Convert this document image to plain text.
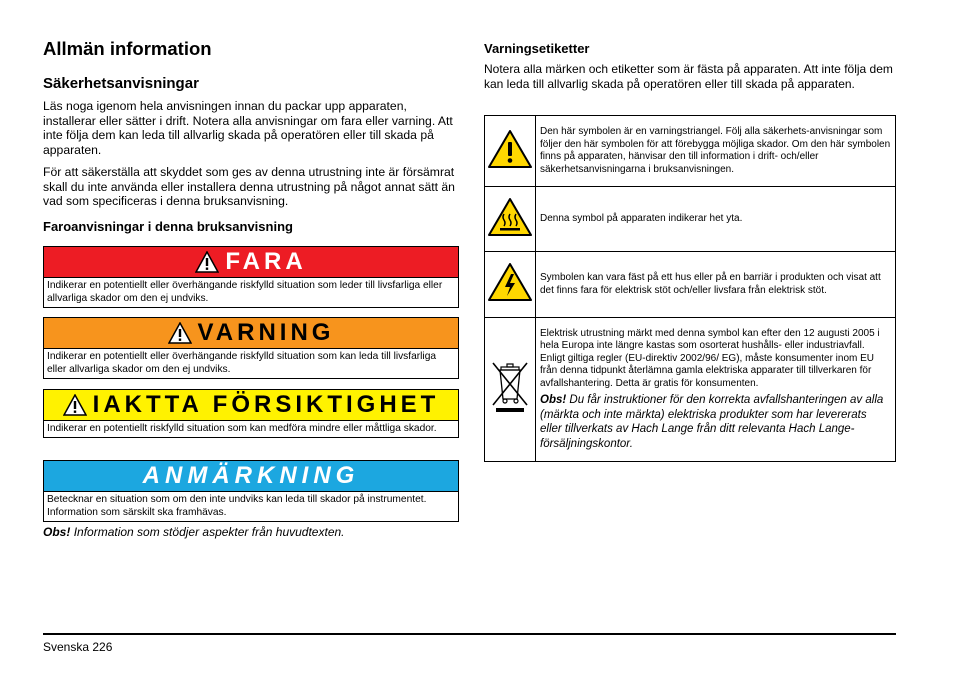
Allmän information
Säkerhetsanvisningar

Läs noga igenom hela anvisningen innan du packar upp apparaten, installerar eller sätter i drift. Notera alla anvisningar om fara eller varning. Att inte följa dem kan leda till allvarlig skada på operatören eller till skada på apparaten.

För att säkerställa att skyddet som ges av denna utrustning inte är försämrat skall du inte använda eller installera denna utrustning på något annat sätt än vad som specificeras i denna bruksanvisning.

Faroanvisningar i denna bruksanvisning
FARA
Indikerar en potentiellt eller överhängande riskfylld situation som leder till livsfarliga eller allvarliga skador om den ej undviks.
VARNING
Indikerar en potentiellt eller överhängande riskfylld situation som kan leda till livsfarliga eller allvarliga skador om den ej undviks.
IAKTTA FÖRSIKTIGHET
Indikerar en potentiellt riskfylld situation som kan medföra mindre eller måttliga skador.
ANMÄRKNING
Betecknar en situation som om den inte undviks kan leda till skador på instrumentet. Information som särskilt ska framhävas.
Obs! Information som stödjer aspekter från huvudtexten.
Varningsetiketter

Notera alla märken och etiketter som är fästa på apparaten. Att inte följa dem kan leda till allvarlig skada på operatören eller till skada på apparaten.

	Den här symbolen är en varningstriangel. Följ alla säkerhets-anvisningar som följer den här symbolen för att förebygga möjliga skador. Om den här symbolen finns på apparaten, hänvisar den till information i drift- och/eller säkerhetsanvisningarna i bruksanvisningen.
	Denna symbol på apparaten indikerar het yta.
	Symbolen kan vara fäst på ett hus eller på en barriär i produkten och visat att det finns fara för elektrisk stöt och/eller livsfara från elektrisk stöt.

Elektrisk utrustning märkt med denna symbol kan efter den 12 augusti 2005 i hela Europa inte längre kastas som osorterat hushålls- eller industriavfall. Enligt giltiga regler (EU-direktiv 2002/96/ EG), måste konsumenter inom EU från denna tidpunkt återlämna gamla elektriska apparater till tillverkaren för avfallshantering. Detta är gratis för konsumenten.
Obs! Du får instruktioner för den korrekta avfallshanteringen av alla (märkta och inte märkta) elektriska produkter som har levererats eller tillverkats av Hach Lange från ditt relevanta Hach Lange-försäljningskontor.
Svenska 226
